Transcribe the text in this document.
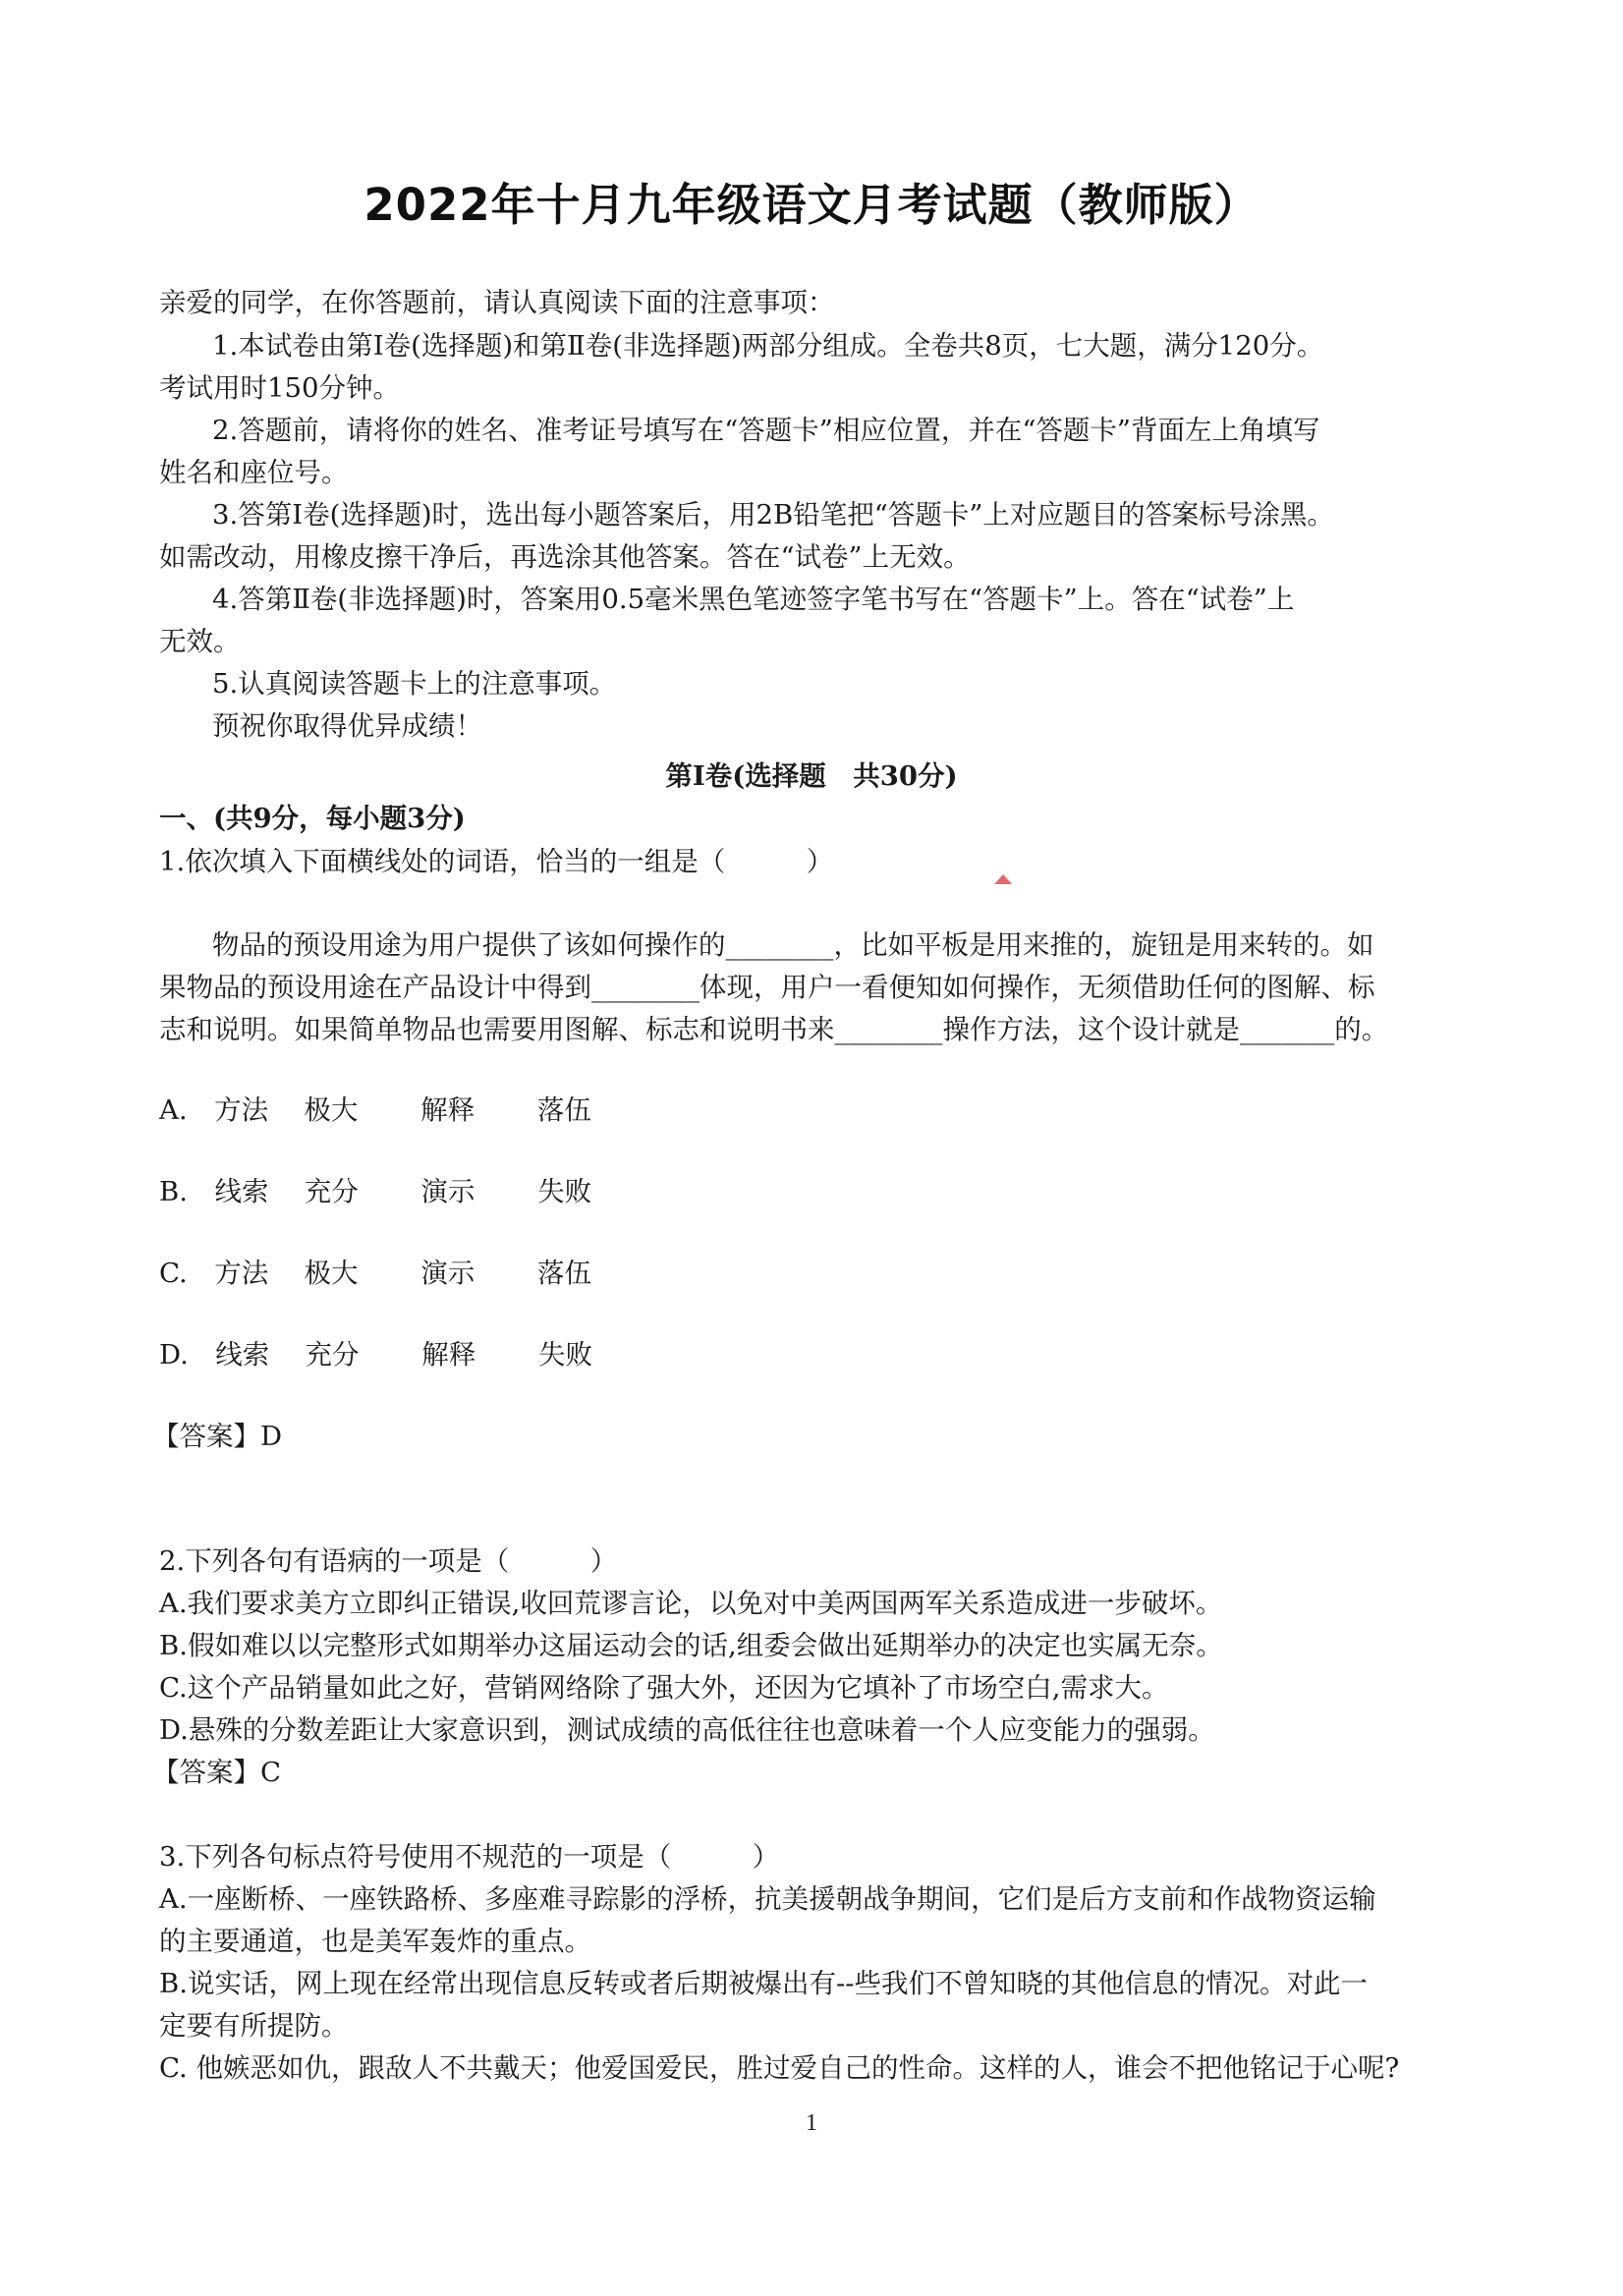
2022年十月九年级语文月考试题（教师版）
亲爱的同学，在你答题前，请认真阅读下面的注意事项：
1.本试卷由第Ⅰ卷(选择题)和第Ⅱ卷(非选择题)两部分组成。全卷共8页，七大题，满分120分。
考试用时150分钟。
2.答题前，请将你的姓名、准考证号填写在“答题卡”相应位置，并在“答题卡”背面左上角填写
姓名和座位号。
3.答第Ⅰ卷(选择题)时，选出每小题答案后，用2B铅笔把“答题卡”上对应题目的答案标号涂黑。
如需改动，用橡皮擦干净后，再选涂其他答案。答在“试卷”上无效。
4.答第Ⅱ卷(非选择题)时，答案用0.5毫米黑色笔迹签字笔书写在“答题卡”上。答在“试卷”上
无效。
5.认真阅读答题卡上的注意事项。
预祝你取得优异成绩！
第Ⅰ卷(选择题　共30分)
一、(共9分，每小题3分)
1.依次填入下面横线处的词语，恰当的一组是（　　　）
物品的预设用途为用户提供了该如何操作的________，比如平板是用来推的，旋钮是用来转的。如
果物品的预设用途在产品设计中得到________体现，用户一看便知如何操作，无须借助任何的图解、标
志和说明。如果简单物品也需要用图解、标志和说明书来________操作方法，这个设计就是_______的。
A.　方法　 极大　 　解释　 　落伍
B.　线索　 充分　 　演示　 　失败
C.　方法　 极大　 　演示　 　落伍
D.　线索　 充分　 　解释　 　失败
【答案】D
2.下列各句有语病的一项是（　　　）
A.我们要求美方立即纠正错误,收回荒谬言论，以免对中美两国两军关系造成进一步破坏。
B.假如难以以完整形式如期举办这届运动会的话,组委会做出延期举办的决定也实属无奈。
C.这个产品销量如此之好，营销网络除了强大外，还因为它填补了市场空白,需求大。
D.悬殊的分数差距让大家意识到，测试成绩的高低往往也意味着一个人应变能力的强弱。
【答案】C
3.下列各句标点符号使用不规范的一项是（　　　）
A.一座断桥、一座铁路桥、多座难寻踪影的浮桥，抗美援朝战争期间，它们是后方支前和作战物资运输
的主要通道，也是美军轰炸的重点。
B.说实话，网上现在经常出现信息反转或者后期被爆出有--些我们不曾知晓的其他信息的情况。对此一
定要有所提防。
C. 他嫉恶如仇，跟敌人不共戴天；他爱国爱民，胜过爱自己的性命。这样的人，谁会不把他铭记于心呢?
1
